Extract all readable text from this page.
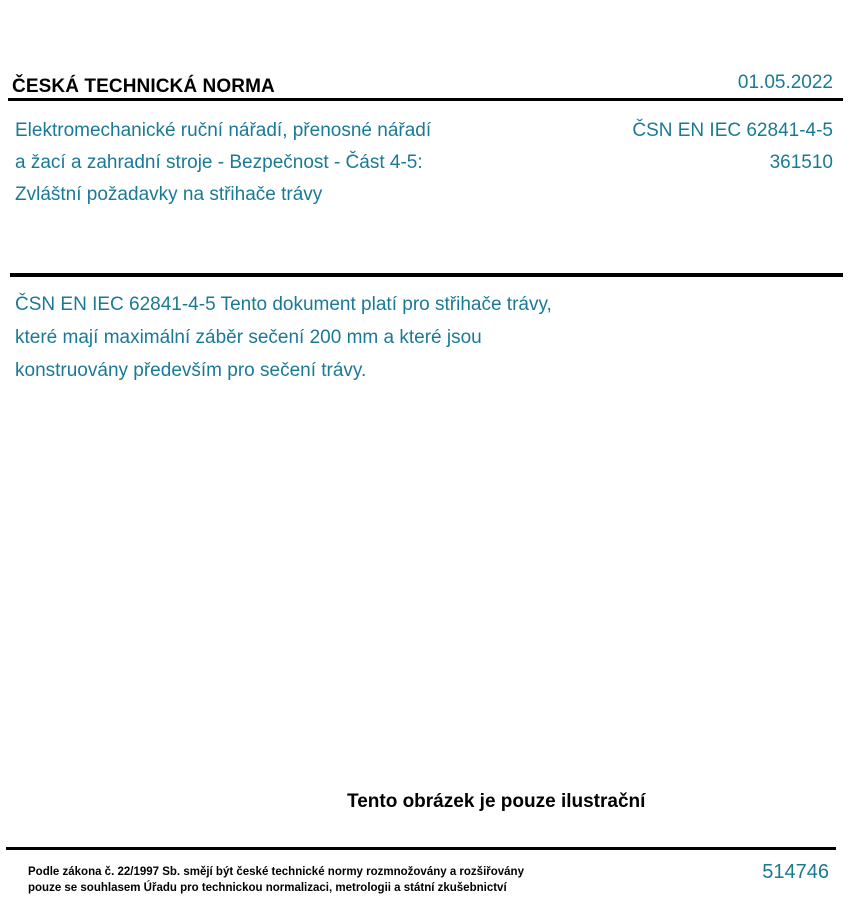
ČESKÁ TECHNICKÁ NORMA	01.05.2022
Elektromechanické ruční nářadí, přenosné nářadí
a žací a zahradní stroje - Bezpečnost - Část 4-5:
Zvláštní požadavky na střihače trávy
ČSN EN IEC 62841-4-5
361510
ČSN EN IEC 62841-4-5 Tento dokument platí pro střihače trávy,
které mají maximální záběr sečení 200 mm a které jsou
konstruovány především pro sečení trávy.
Tento obrázek je pouze ilustrační
Podle zákona č. 22/1997 Sb. smějí být české technické normy rozmnožovány a rozšiřovány
pouze se souhlasem Úřadu pro technickou normalizaci, metrologii a státní zkušebnictví
514746
